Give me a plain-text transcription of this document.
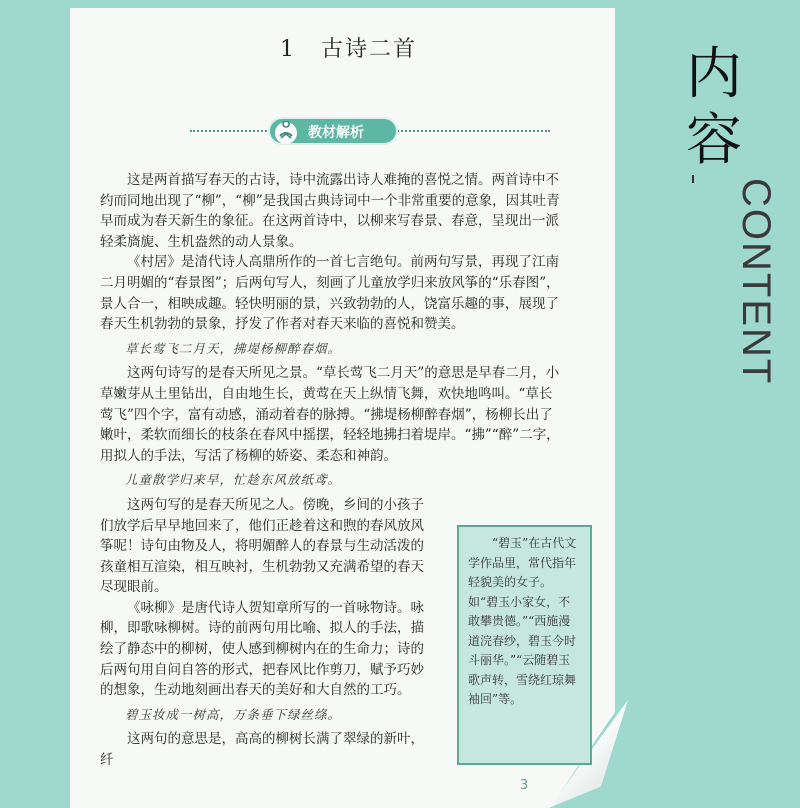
1 古诗二首
教材解析

这是两首描写春天的古诗，诗中流露出诗人难掩的喜悦之情。两首诗中不约而同地出现了“柳”，“柳”是我国古典诗词中一个非常重要的意象，因其吐青早而成为春天新生的象征。在这两首诗中，以柳来写春景、春意，呈现出一派轻柔旖旎、生机盎然的动人景象。

《村居》是清代诗人高鼎所作的一首七言绝句。前两句写景，再现了江南二月明媚的“春景图”；后两句写人，刻画了儿童放学归来放风筝的“乐春图”，景人合一，相映成趣。轻快明丽的景，兴致勃勃的人，饶富乐趣的事，展现了春天生机勃勃的景象，抒发了作者对春天来临的喜悦和赞美。

草长莺飞二月天，拂堤杨柳醉春烟。

这两句诗写的是春天所见之景。“草长莺飞二月天”的意思是早春二月，小草嫩芽从土里钻出，自由地生长，黄莺在天上纵情飞舞，欢快地鸣叫。“草长莺飞”四个字，富有动感，涌动着春的脉搏。“拂堤杨柳醉春烟”，杨柳长出了嫩叶，柔软而细长的枝条在春风中摇摆，轻轻地拂扫着堤岸。“拂”“醉”二字，用拟人的手法，写活了杨柳的娇姿、柔态和神韵。

儿童散学归来早，忙趁东风放纸鸢。

这两句写的是春天所见之人。傍晚，乡间的小孩子们放学后早早地回来了，他们正趁着这和煦的春风放风筝呢！诗句由物及人，将明媚醉人的春景与生动活泼的孩童相互渲染，相互映衬，生机勃勃又充满希望的春天尽现眼前。

《咏柳》是唐代诗人贺知章所写的一首咏物诗。咏柳，即歌咏柳树。诗的前两句用比喻、拟人的手法，描绘了静态中的柳树，使人感到柳树内在的生命力；诗的后两句用自问自答的形式，把春风比作剪刀，赋予巧妙的想象，生动地刻画出春天的美好和大自然的工巧。

碧玉妆成一树高，万条垂下绿丝绦。

这两句的意思是，高高的柳树长满了翠绿的新叶，纤

“碧玉”在古代文学作品里，常代指年轻貌美的女子。如“碧玉小家女，不敢攀贵德。”“西施漫道浣春纱，碧玉今时斗丽华。”“云随碧玉歌声转，雪绕红琼舞袖回”等。
3
内
容
CONTENT
